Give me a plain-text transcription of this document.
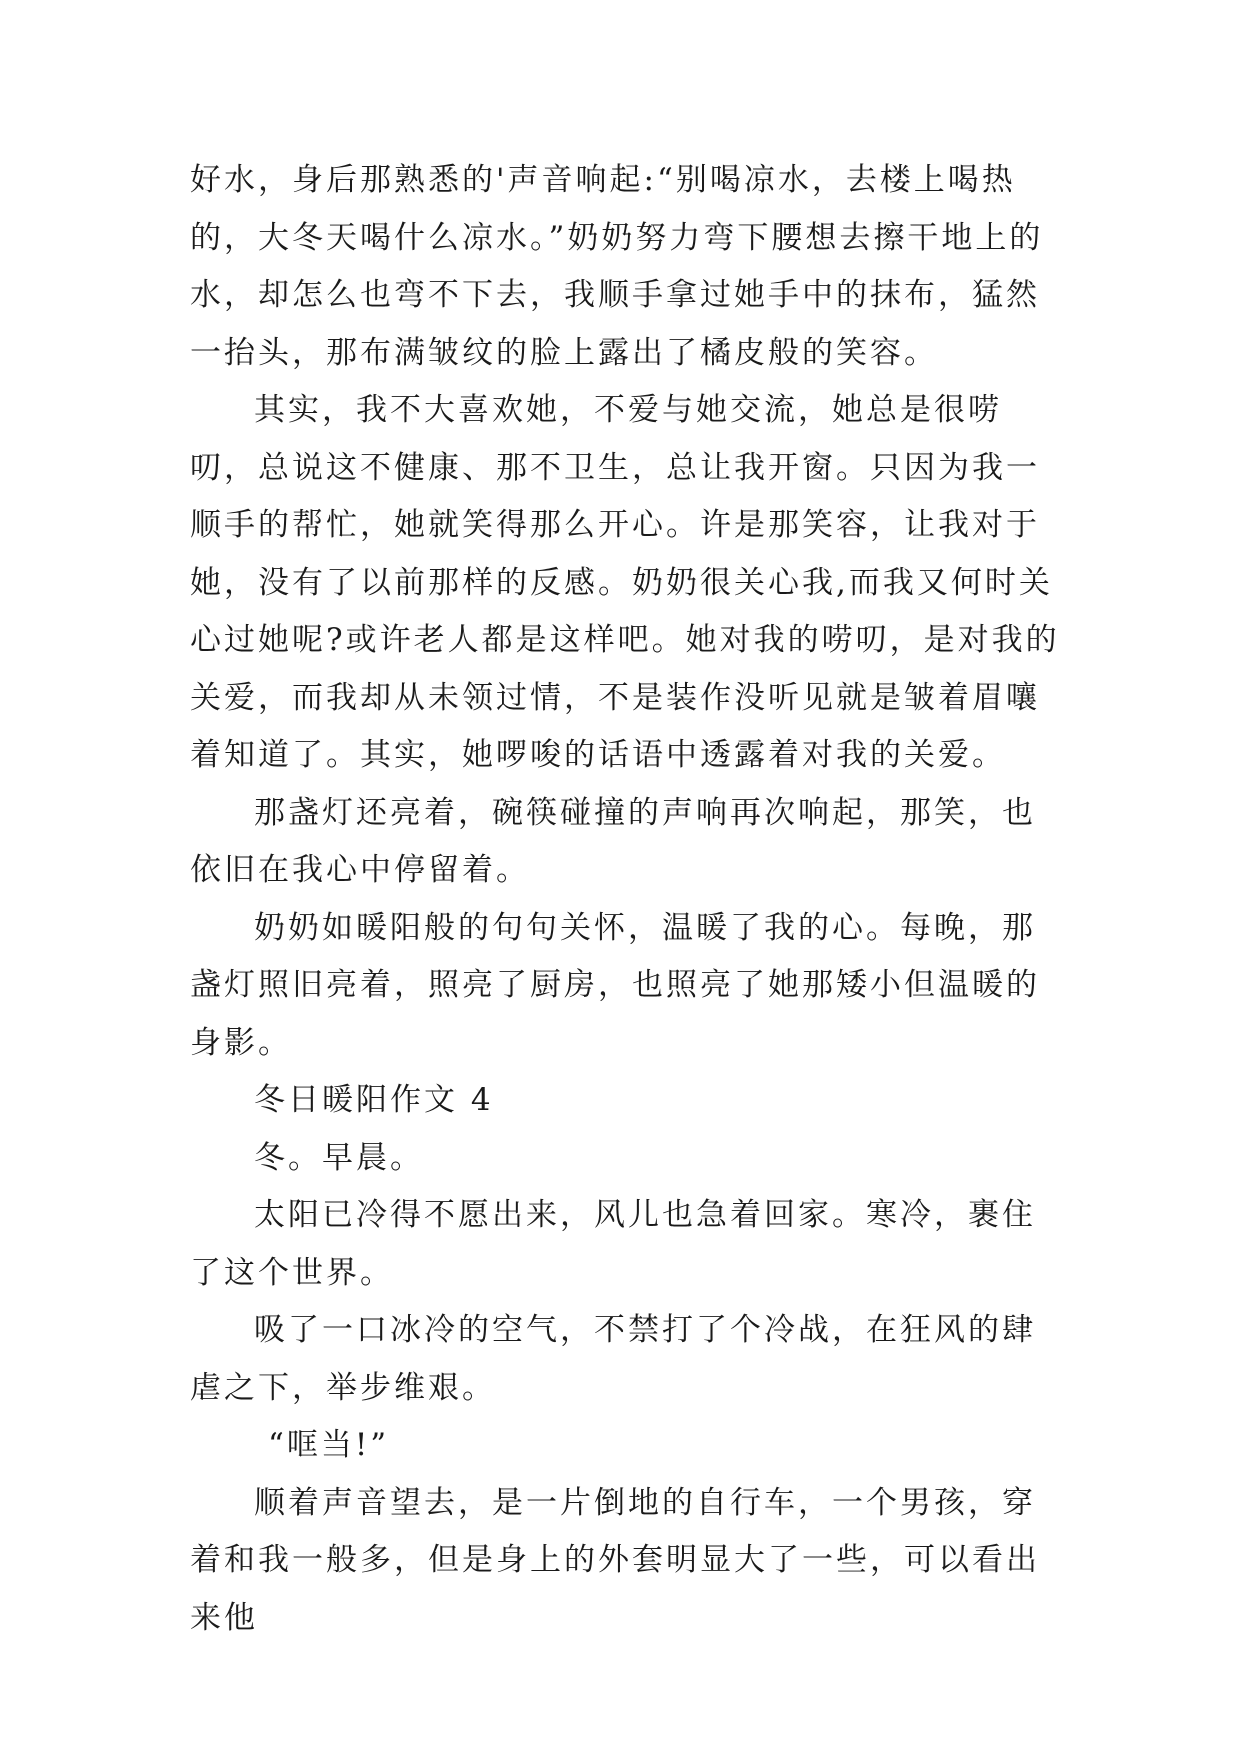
好水，身后那熟悉的'声音响起:“别喝凉水，去楼上喝热的，大冬天喝什么凉水。”奶奶努力弯下腰想去擦干地上的水，却怎么也弯不下去，我顺手拿过她手中的抹布，猛然一抬头，那布满皱纹的脸上露出了橘皮般的笑容。

其实，我不大喜欢她，不爱与她交流，她总是很唠叨，总说这不健康、那不卫生，总让我开窗。只因为我一顺手的帮忙，她就笑得那么开心。许是那笑容，让我对于她，没有了以前那样的反感。奶奶很关心我,而我又何时关心过她呢?或许老人都是这样吧。她对我的唠叨，是对我的关爱，而我却从未领过情，不是装作没听见就是皱着眉嚷着知道了。其实，她啰唆的话语中透露着对我的关爱。

那盏灯还亮着，碗筷碰撞的声响再次响起，那笑，也依旧在我心中停留着。

奶奶如暖阳般的句句关怀，温暖了我的心。每晚，那盏灯照旧亮着，照亮了厨房，也照亮了她那矮小但温暖的身影。

冬日暖阳作文 4

冬。早晨。

太阳已冷得不愿出来，风儿也急着回家。寒冷，裹住了这个世界。

吸了一口冰冷的空气，不禁打了个冷战，在狂风的肆虐之下，举步维艰。

“哐当!”

顺着声音望去，是一片倒地的自行车，一个男孩，穿着和我一般多，但是身上的外套明显大了一些，可以看出来他
